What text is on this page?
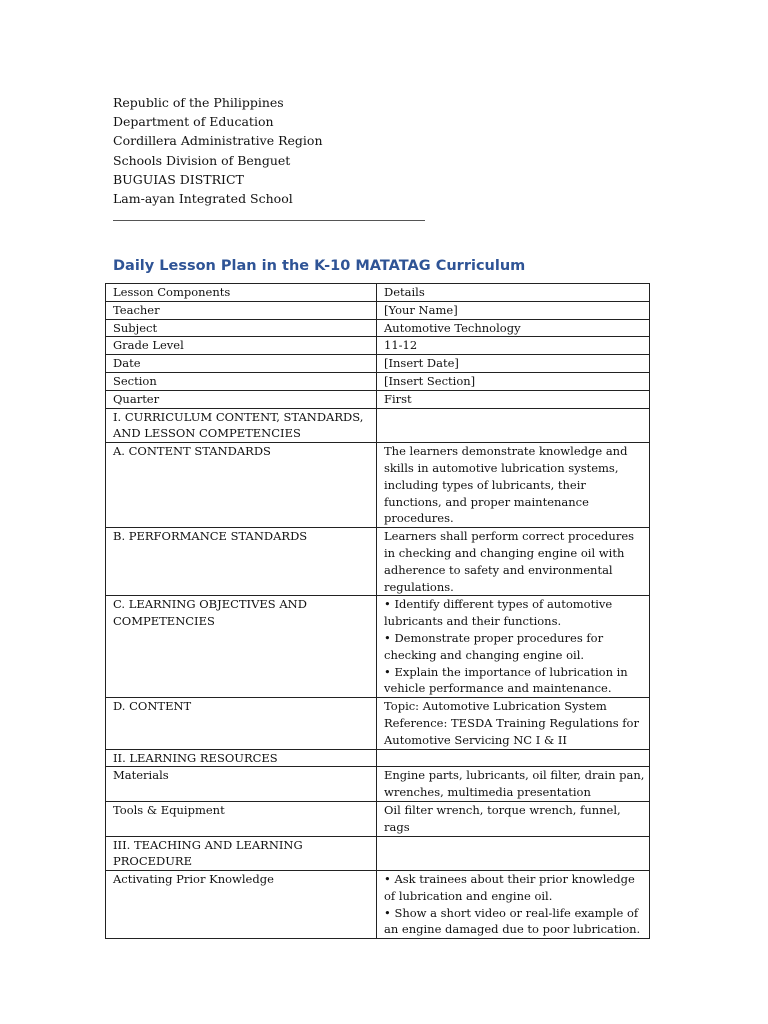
Republic of the Philippines
Department of Education
Cordillera Administrative Region
Schools Division of Benguet
BUGUIAS DISTRICT
Lam-ayan Integrated School
Daily Lesson Plan in the K-10 MATATAG Curriculum
Lesson Components	Details

Teacher	[Your Name]

Subject	Automotive Technology

Grade Level	11-12

Date	[Insert Date]

Section	[Insert Section]

Quarter	First

I. CURRICULUM CONTENT, STANDARDS, AND LESSON COMPETENCIES	
A. CONTENT STANDARDS	The learners demonstrate knowledge and skills in automotive lubrication systems, including types of lubricants, their functions, and proper maintenance procedures.

B. PERFORMANCE STANDARDS	Learners shall perform correct procedures in checking and changing engine oil with adherence to safety and environmental regulations.

C. LEARNING OBJECTIVES AND COMPETENCIES	• Identify different types of automotive lubricants and their functions.
• Demonstrate proper procedures for checking and changing engine oil.
• Explain the importance of lubrication in vehicle performance and maintenance.

D. CONTENT	Topic: Automotive Lubrication System
Reference: TESDA Training Regulations for Automotive Servicing NC I & II

II. LEARNING RESOURCES	
Materials	Engine parts, lubricants, oil filter, drain pan, wrenches, multimedia presentation

Tools & Equipment	Oil filter wrench, torque wrench, funnel, rags

III. TEACHING AND LEARNING PROCEDURE	
Activating Prior Knowledge	• Ask trainees about their prior knowledge of lubrication and engine oil.
• Show a short video or real-life example of an engine damaged due to poor lubrication.
